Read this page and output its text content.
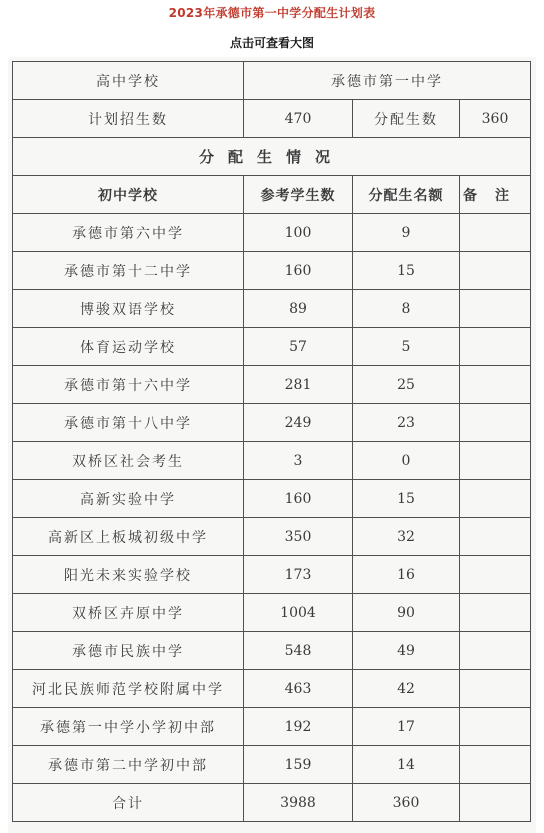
2023年承德市第一中学分配生计划表
点击可查看大图
高中学校	承德市第一中学		
计划招生数	470	分配生数	360
分配生情况			
初中学校	参考学生数	分配生名额	备注
承德市第六中学	100	9	
承德市第十二中学	160	15	
博骏双语学校	89	8	
体育运动学校	57	5	
承德市第十六中学	281	25	
承德市第十八中学	249	23	
双桥区社会考生	3	0	
高新实验中学	160	15	
高新区上板城初级中学	350	32	
阳光未来实验学校	173	16	
双桥区卉原中学	1004	90	
承德市民族中学	548	49	
河北民族师范学校附属中学	463	42	
承德第一中学小学初中部	192	17	
承德市第二中学初中部	159	14	
合计	3988	360	
